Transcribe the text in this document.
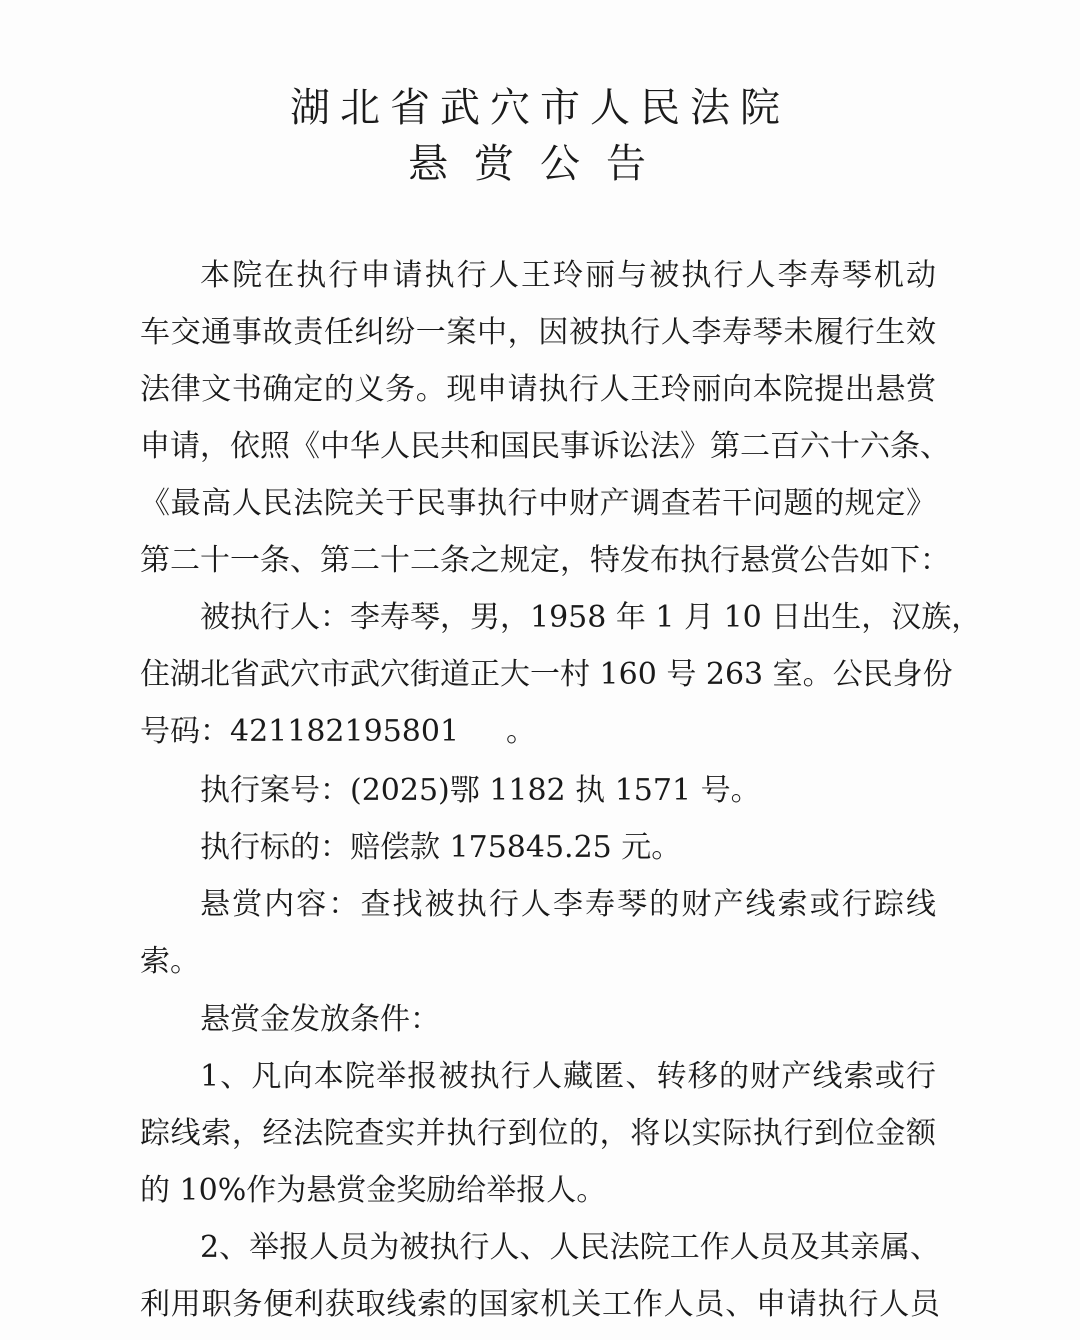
湖北省武穴市人民法院
悬赏公告
本院在执行申请执行人王玲丽与被执行人李寿琴机动
车交通事故责任纠纷一案中，因被执行人李寿琴未履行生效
法律文书确定的义务。现申请执行人王玲丽向本院提出悬赏
申请，依照《中华人民共和国民事诉讼法》第二百六十六条、
《最高人民法院关于民事执行中财产调查若干问题的规定》
第二十一条、第二十二条之规定，特发布执行悬赏公告如下：
被执行人：李寿琴，男，1958 年 1 月 10 日出生，汉族，
住湖北省武穴市武穴街道正大一村 160 号 263 室。公民身份
号码：421182195801 。
执行案号：(2025)鄂 1182 执 1571 号。
执行标的：赔偿款 175845.25 元。
悬赏内容：查找被执行人李寿琴的财产线索或行踪线
索。
悬赏金发放条件：
1、凡向本院举报被执行人藏匿、转移的财产线索或行
踪线索，经法院查实并执行到位的，将以实际执行到位金额
的 10%作为悬赏金奖励给举报人。
2、举报人员为被执行人、人民法院工作人员及其亲属、
利用职务便利获取线索的国家机关工作人员、申请执行人员
